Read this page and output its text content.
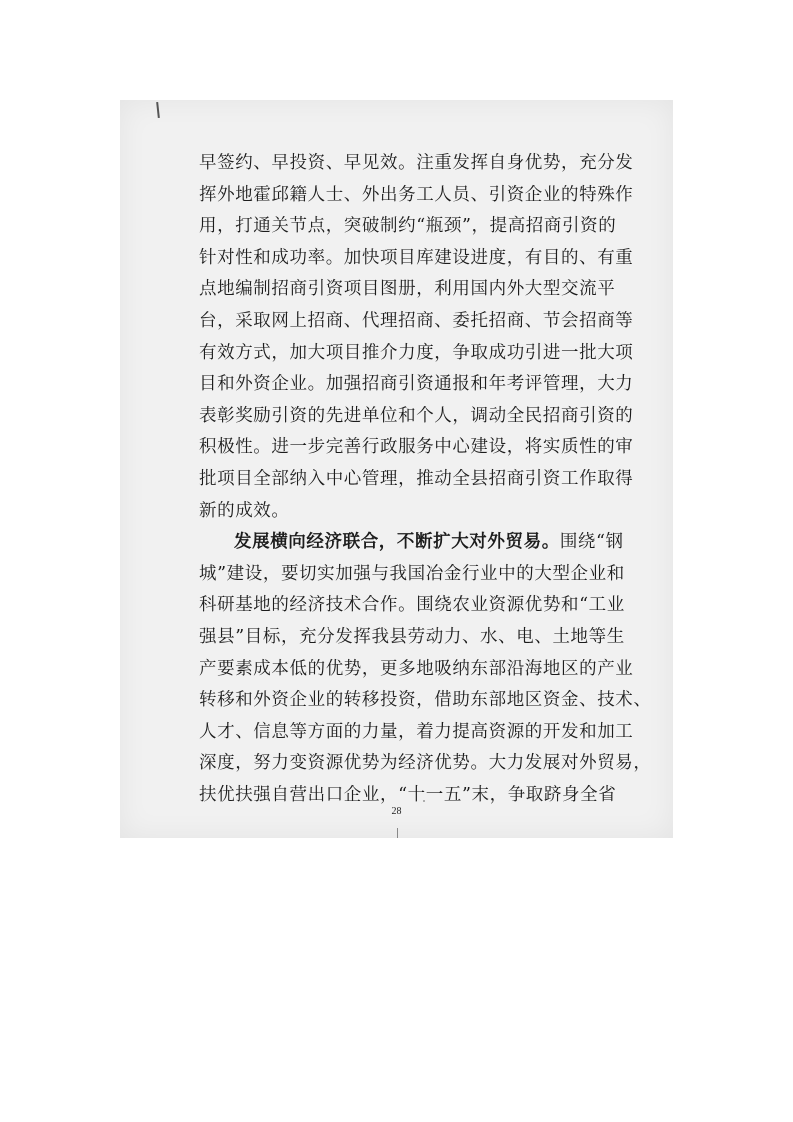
早签约、早投资、早见效。注重发挥自身优势，充分发
挥外地霍邱籍人士、外出务工人员、引资企业的特殊作
用，打通关节点，突破制约“瓶颈”，提高招商引资的
针对性和成功率。加快项目库建设进度，有目的、有重
点地编制招商引资项目图册，利用国内外大型交流平
台，采取网上招商、代理招商、委托招商、节会招商等
有效方式，加大项目推介力度，争取成功引进一批大项
目和外资企业。加强招商引资通报和年考评管理，大力
表彰奖励引资的先进单位和个人，调动全民招商引资的
积极性。进一步完善行政服务中心建设，将实质性的审
批项目全部纳入中心管理，推动全县招商引资工作取得
新的成效。
发展横向经济联合，不断扩大对外贸易。围绕“钢
城”建设，要切实加强与我国冶金行业中的大型企业和
科研基地的经济技术合作。围绕农业资源优势和“工业
强县”目标，充分发挥我县劳动力、水、电、土地等生
产要素成本低的优势，更多地吸纳东部沿海地区的产业
转移和外资企业的转移投资，借助东部地区资金、技术、
人才、信息等方面的力量，着力提高资源的开发和加工
深度，努力变资源优势为经济优势。大力发展对外贸易，
扶优扶强自营出口企业，“十一五”末，争取跻身全省
28
